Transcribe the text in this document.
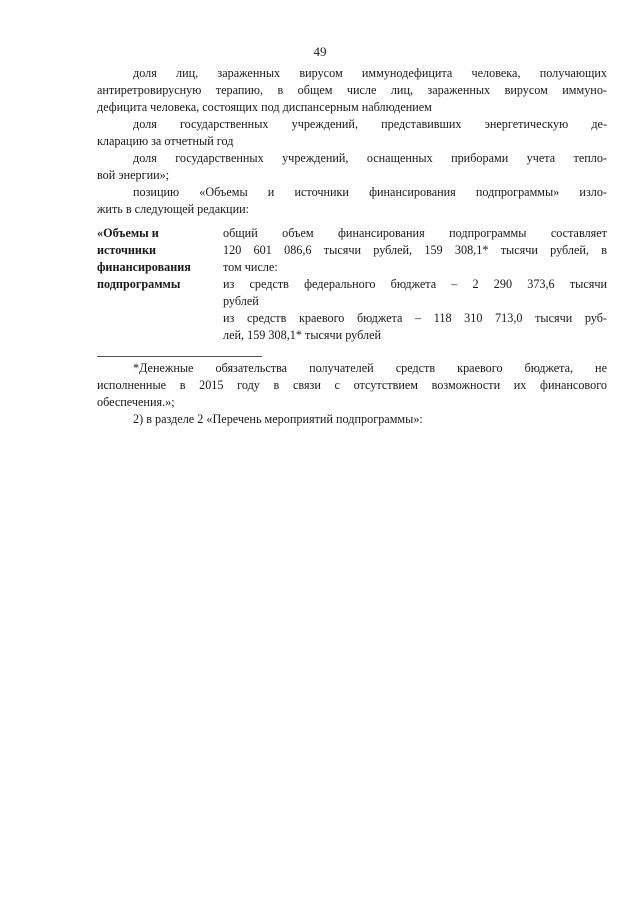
49
доля лиц, зараженных вирусом иммунодефицита человека, получающих
антиретровирусную терапию, в общем числе лиц, зараженных вирусом иммуно-
дефицита человека, состоящих под диспансерным наблюдением
доля государственных учреждений, представивших энергетическую де-
кларацию за отчетный год
доля государственных учреждений, оснащенных приборами учета тепло-
вой энергии»;
позицию «Объемы и источники финансирования подпрограммы» изло-
жить в следующей редакции:
«Объемы и
источники
финансирования
подпрограммы
общий объем финансирования подпрограммы составляет
120 601 086,6 тысячи рублей, 159 308,1* тысячи рублей, в
том числе:
из средств федерального бюджета – 2 290 373,6 тысячи
рублей
из средств краевого бюджета – 118 310 713,0 тысячи руб-
лей, 159 308,1* тысячи рублей
*Денежные обязательства получателей средств краевого бюджета, не
исполненные в 2015 году в связи с отсутствием возможности их финансового
обеспечения.»;
2) в разделе 2 «Перечень мероприятий подпрограммы»:
